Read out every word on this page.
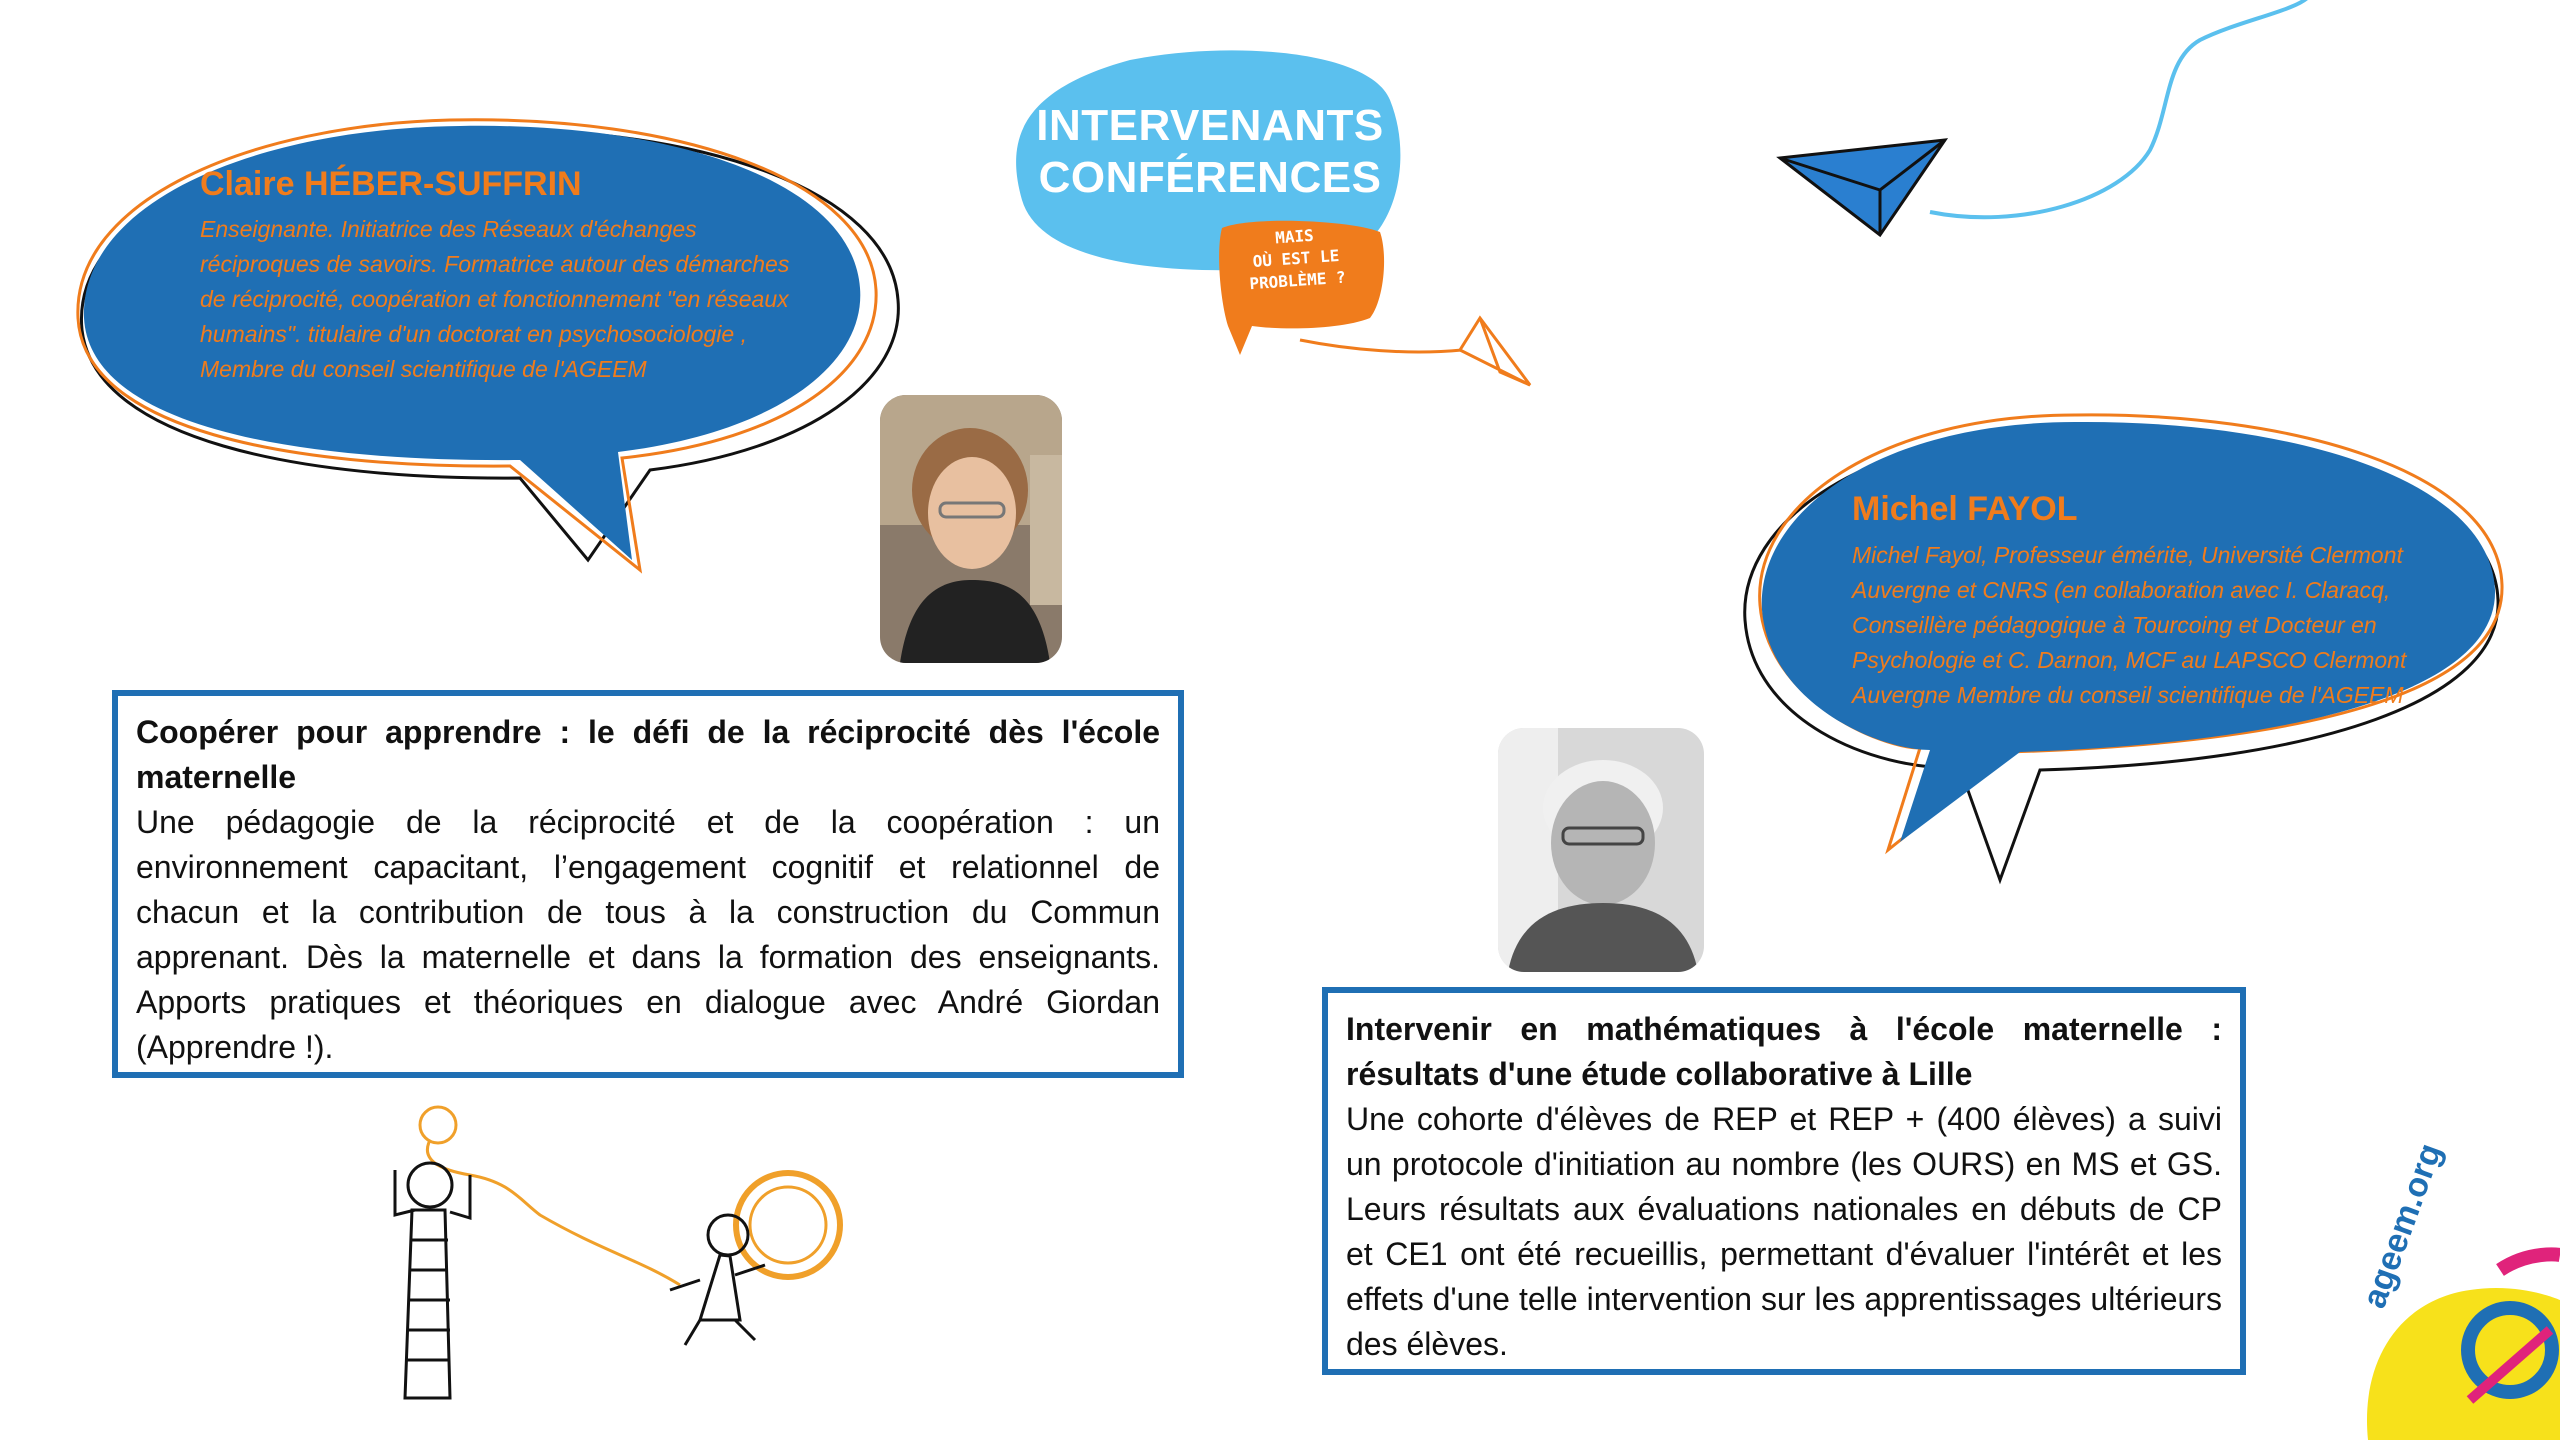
INTERVENANTS
CONFÉRENCES
MAIS
OÙ EST LE
PROBLÈME ?
Claire HÉBER-SUFFRIN
Enseignante. Initiatrice des Réseaux d'échanges réciproques de savoirs. Formatrice autour des démarches de réciprocité, coopération et fonctionnement "en réseaux humains". titulaire d'un doctorat en psychosociologie , Membre du conseil scientifique de l'AGEEM
Coopérer pour apprendre : le défi de la réciprocité dès l'école maternelle
Une pédagogie de la réciprocité et de la coopération : un environnement capacitant, l’engagement cognitif et relationnel de chacun et la contribution de tous à la construction du Commun apprenant. Dès la maternelle et dans la formation des enseignants. Apports pratiques et théoriques en dialogue avec André Giordan (Apprendre !).
Michel FAYOL
Michel Fayol, Professeur émérite, Université Clermont Auvergne et CNRS (en collaboration avec I. Claracq, Conseillère pédagogique à Tourcoing et Docteur en Psychologie et C. Darnon, MCF au LAPSCO Clermont Auvergne Membre du conseil scientifique de l'AGEEM
Intervenir en mathématiques à l'école maternelle : résultats d'une étude collaborative à Lille
Une cohorte d'élèves de REP et REP + (400 élèves) a suivi un protocole d'initiation au nombre (les OURS) en MS et GS. Leurs résultats aux évaluations nationales en débuts de CP et CE1 ont été recueillis, permettant d'évaluer l'intérêt et les effets d'une telle intervention sur les apprentissages ultérieurs des élèves.
ageem.org
